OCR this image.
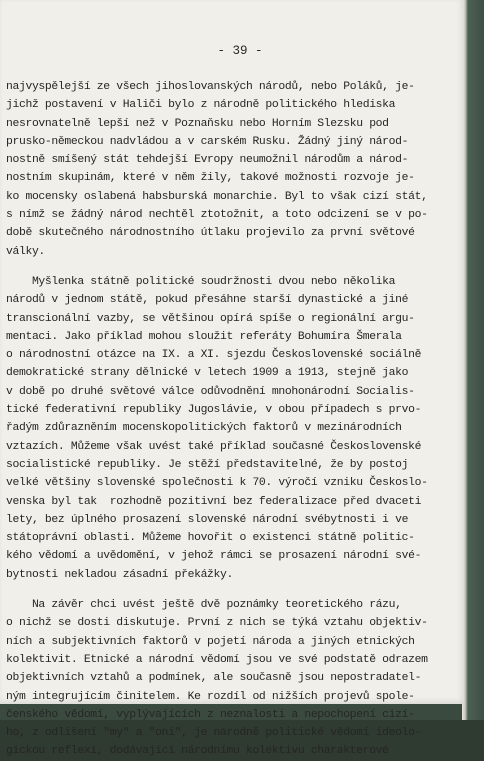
- 39 -
najvyspělejší ze všech jihoslovanských národů, nebo Poláků, je-
jichž postavení v Haliči bylo z národně politického hlediska
nesrovnatelně lepší než v Poznaňsku nebo Horním Slezsku pod
prusko-německou nadvládou a v carském Rusku. Žádný jiný národ-
nostně smíšený stát tehdejší Evropy neumožnil národům a národ-
nostním skupinám, které v něm žily, takové možnosti rozvoje je-
ko mocensky oslabená habsburská monarchie. Byl to však cizí stát,
s nímž se žádný národ nechtěl ztotožnit, a toto odcizení se v po-
době skutečného národnostního útlaku projevilo za první světové
války.
Myšlenka státně politické soudržnosti dvou nebo několika
národů v jednom státě, pokud přesáhne starší dynastické a jiné
transcionální vazby, se většinou opírá spíše o regionální argu-
mentaci. Jako příklad mohou sloužit referáty Bohumíra Šmerala
o národnostní otázce na IX. a XI. sjezdu Československé sociálně
demokratické strany dělnické v letech 1909 a 1913, stejně jako
v době po druhé světové válce odůvodnění mnohonárodní Socialis-
tické federativní republiky Jugoslávie, v obou případech s prvo-
řadým zdůrazněním mocenskopolitických faktorů v mezinárodních
vztazích. Můžeme však uvést také příklad současné Československé
socialistické republiky. Je stěží představitelné, že by postoj
velké většiny slovenské společnosti k 70. výročí vzniku Českoslo-
venska byl tak  rozhodně pozitivní bez federalizace před dvaceti
lety, bez úplného prosazení slovenské národní svébytnosti i ve
státoprávní oblasti. Můžeme hovořit o existenci státně politic-
kého vědomí a uvědomění, v jehož rámci se prosazení národní své-
bytnosti nekladou zásadní překážky.
Na závěr chci uvést ještě dvě poznámky teoretického rázu,
o nichž se dosti diskutuje. První z nich se týká vztahu objektiv-
ních a subjektivních faktorů v pojetí národa a jiných etnických
kolektivit. Etnické a národní vědomí jsou ve své podstatě odrazem
objektivních vztahů a podmínek, ale současně jsou nepostradatel-
ným integrujícím činitelem. Ke rozdíl od nižších projevů spole-
čenského vědomí, vyplývajících z neznalosti a nepochopení cizí-
ho, z odlišení "my" a "oni", je národně politické vědomí ideolo-
gickou reflexí, dodávající národnímu kolektivu charakterové
